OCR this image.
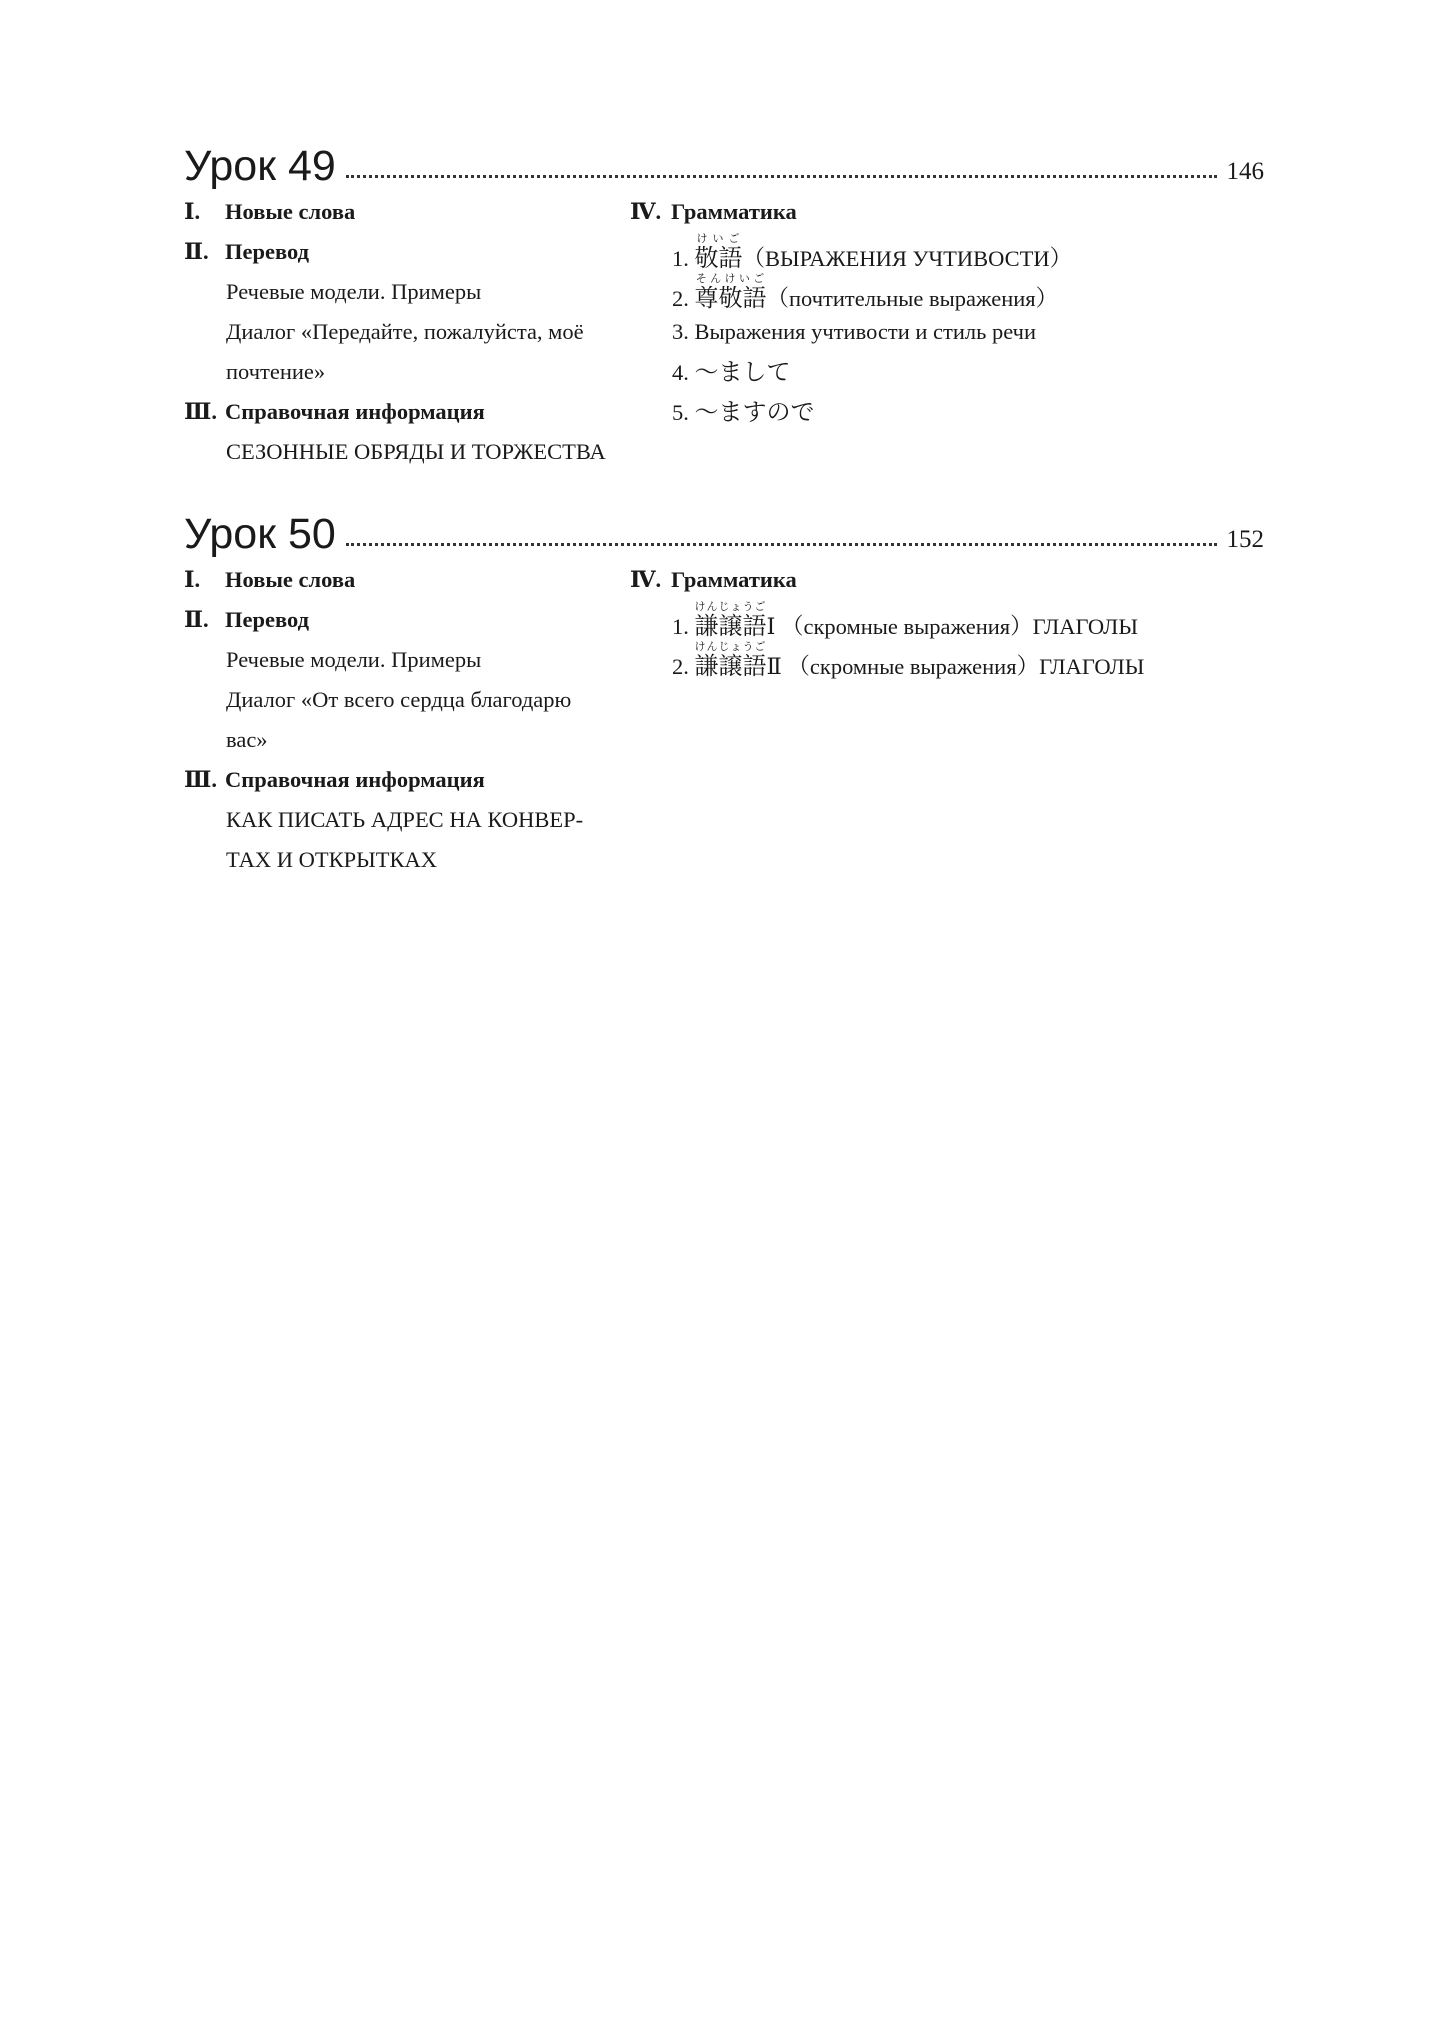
Урок 49	146
Ⅰ. Новые слова
Ⅱ. Перевод
Речевые модели. Примеры
Диалог «Передайте, пожалуйста, моё
почтение»
Ⅲ. Справочная информация
СЕЗОННЫЕ ОБРЯДЫ И ТОРЖЕСТВА
Ⅳ. Грамматика
1. 敬語けいご（ВЫРАЖЕНИЯ УЧТИВОСТИ）
2. 尊敬語そんけいご（почтительные выражения）
3. Выражения учтивости и стиль речи
4. ～まして
5. ～ますので
Урок 50	152
Ⅰ. Новые слова
Ⅱ. Перевод
Речевые модели. Примеры
Диалог «От всего сердца благодарю
вас»
Ⅲ. Справочная информация
КАК ПИСАТЬ АДРЕС НА КОНВЕР-
ТАХ И ОТКРЫТКАХ
Ⅳ. Грамматика
1. 謙譲語けんじょうごⅠ （скромные выражения）ГЛАГОЛЫ
2. 謙譲語けんじょうごⅡ （скромные выражения）ГЛАГОЛЫ
